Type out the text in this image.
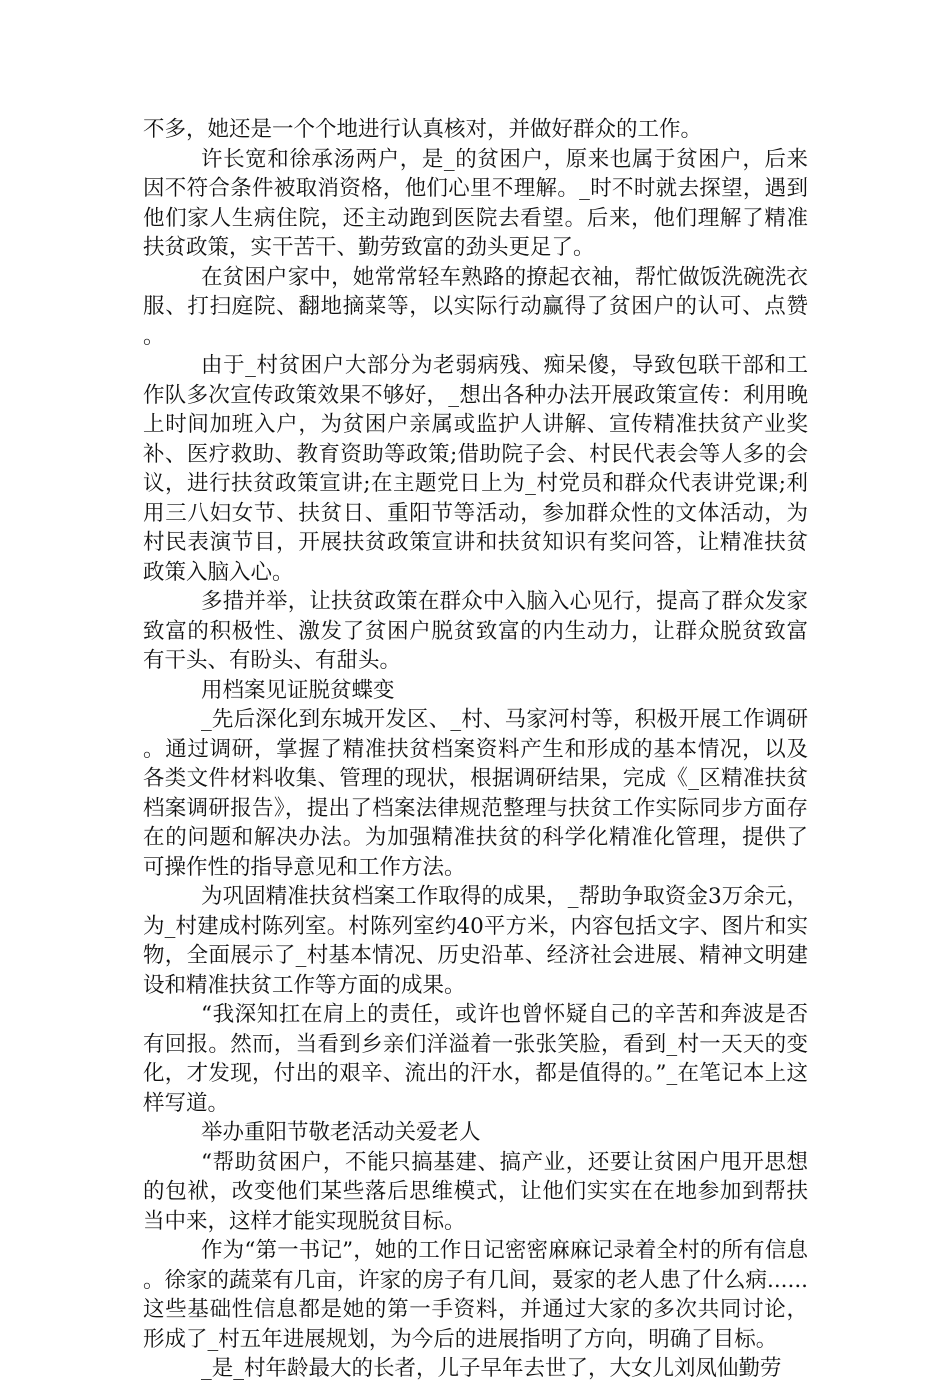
不多，她还是一个个地进行认真核对，并做好群众的工作。

许长宽和徐承汤两户，是_的贫困户，原来也属于贫困户，后来因不符合条件被取消资格，他们心里不理解。_时不时就去探望，遇到他们家人生病住院，还主动跑到医院去看望。后来，他们理解了精准扶贫政策，实干苦干、勤劳致富的劲头更足了。

在贫困户家中，她常常轻车熟路的撩起衣袖，帮忙做饭洗碗洗衣服、打扫庭院、翻地摘菜等，以实际行动赢得了贫困户的认可、点赞。

由于_村贫困户大部分为老弱病残、痴呆傻，导致包联干部和工作队多次宣传政策效果不够好，_想出各种办法开展政策宣传：利用晚上时间加班入户，为贫困户亲属或监护人讲解、宣传精准扶贫产业奖补、医疗救助、教育资助等政策;借助院子会、村民代表会等人多的会议，进行扶贫政策宣讲;在主题党日上为_村党员和群众代表讲党课;利用三八妇女节、扶贫日、重阳节等活动，参加群众性的文体活动，为村民表演节目，开展扶贫政策宣讲和扶贫知识有奖问答，让精准扶贫政策入脑入心。

多措并举，让扶贫政策在群众中入脑入心见行，提高了群众发家致富的积极性、激发了贫困户脱贫致富的内生动力，让群众脱贫致富有干头、有盼头、有甜头。

用档案见证脱贫蝶变

_先后深化到东城开发区、_村、马家河村等，积极开展工作调研。通过调研，掌握了精准扶贫档案资料产生和形成的基本情况，以及各类文件材料收集、管理的现状，根据调研结果，完成《_区精准扶贫档案调研报告》，提出了档案法律规范整理与扶贫工作实际同步方面存在的问题和解决办法。为加强精准扶贫的科学化精准化管理，提供了可操作性的指导意见和工作方法。

为巩固精准扶贫档案工作取得的成果，_帮助争取资金3万余元，为_村建成村陈列室。村陈列室约40平方米，内容包括文字、图片和实物，全面展示了_村基本情况、历史沿革、经济社会进展、精神文明建设和精准扶贫工作等方面的成果。

“我深知扛在肩上的责任，或许也曾怀疑自己的辛苦和奔波是否有回报。然而，当看到乡亲们洋溢着一张张笑脸，看到_村一天天的变化，才发现，付出的艰辛、流出的汗水，都是值得的。”_在笔记本上这样写道。

举办重阳节敬老活动关爱老人

“帮助贫困户，不能只搞基建、搞产业，还要让贫困户甩开思想的包袱，改变他们某些落后思维模式，让他们实实在在地参加到帮扶当中来，这样才能实现脱贫目标。

作为“第一书记”，她的工作日记密密麻麻记录着全村的所有信息。徐家的蔬菜有几亩，许家的房子有几间，聂家的老人患了什么病......这些基础性信息都是她的第一手资料，并通过大家的多次共同讨论，形成了_村五年进展规划，为今后的进展指明了方向，明确了目标。

_是_村年龄最大的长者，儿子早年去世了，大女儿刘凤仙勤劳
